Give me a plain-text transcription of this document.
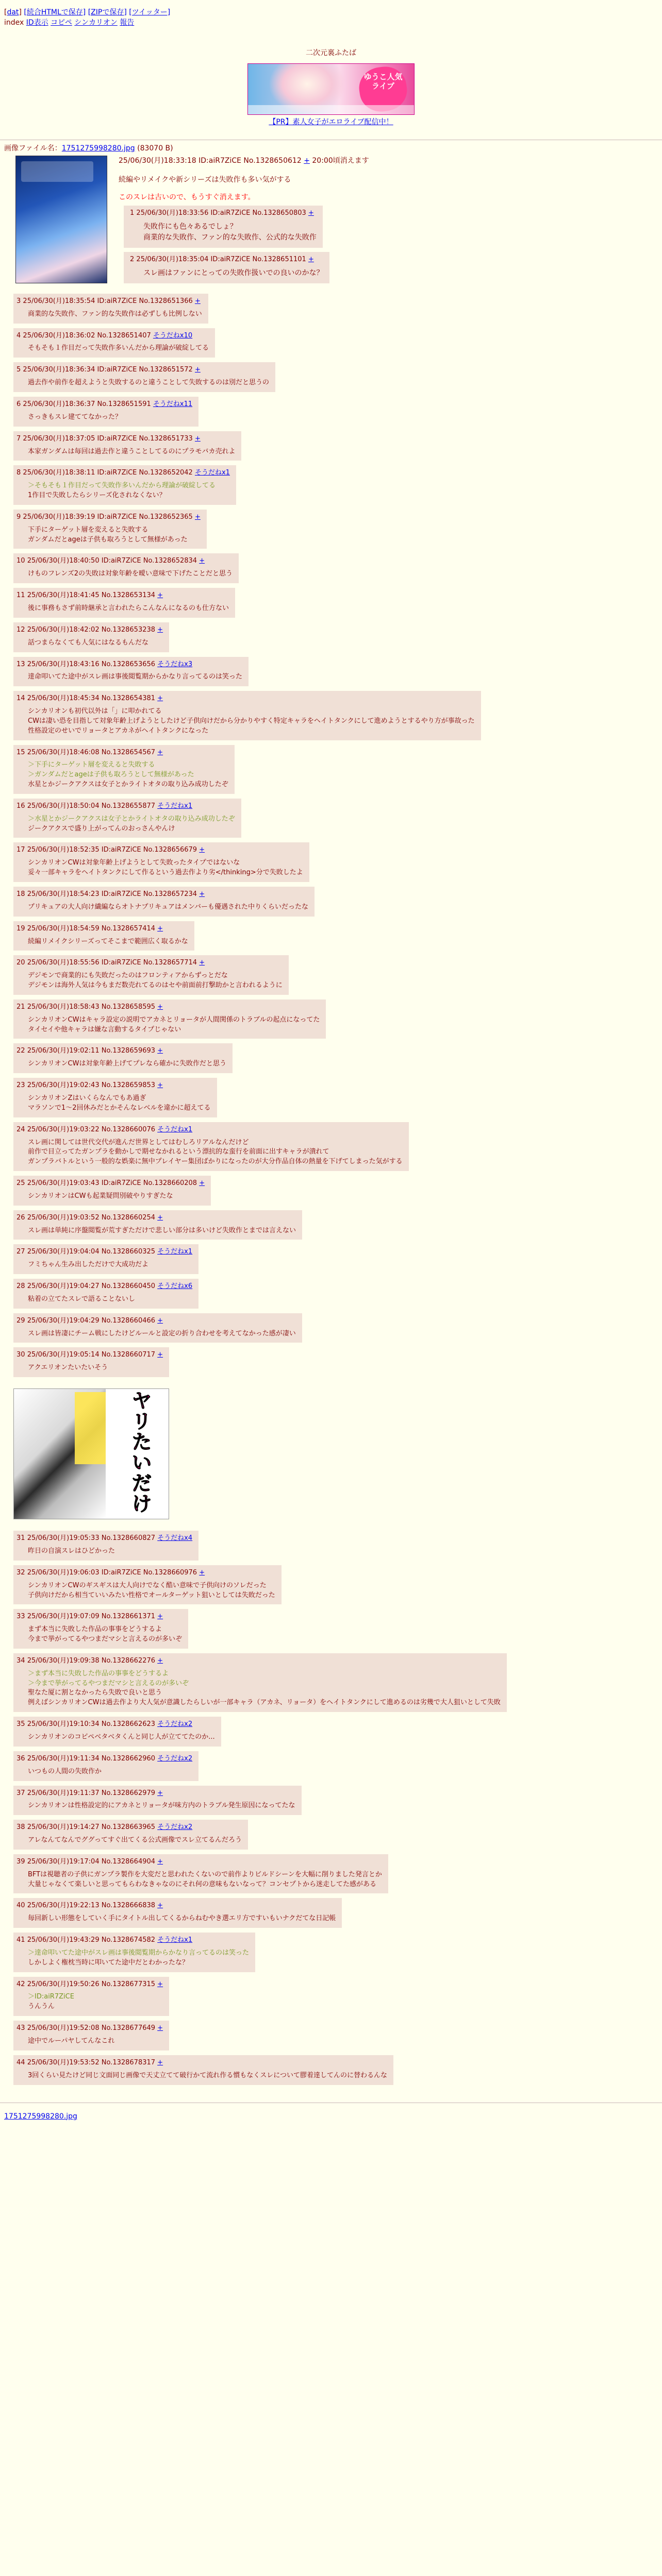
[dat] [続合HTMLで保存] [ZIPで保存] [ツイッター]
index ID表示 コピペ シンカリオン 報告
二次元裏ふたば
ゆうこ人気ライブ
【PR】素人女子がエロライブ配信中！
画像ファイル名：1751275998280.jpg (83070 B)
25/06/30(月)18:33:18 ID:aiR7ZiCE No.1328650612 + 20:00頃消えます
続編やリメイクや新シリーズは失敗作も多い気がする
このスレは古いので、もうすぐ消えます。
1 25/06/30(月)18:33:56 ID:aiR7ZiCE No.1328650803 +
失敗作にも色々あるでしょ？
商業的な失敗作、ファン的な失敗作、公式的な失敗作

2 25/06/30(月)18:35:04 ID:aiR7ZiCE No.1328651101 +
スレ画はファンにとっての失敗作扱いでの良いのかな？
3 25/06/30(月)18:35:54 ID:aiR7ZiCE No.1328651366 +
商業的な失敗作、ファン的な失敗作は必ずしも比例しない
4 25/06/30(月)18:36:02 No.1328651407 そうだねx10
そもそも１作目だって失敗作多いんだから理論が破綻してる
5 25/06/30(月)18:36:34 ID:aiR7ZiCE No.1328651572 +
過去作や前作を超えようと失敗するのと違うことして失敗するのは別だと思うの
6 25/06/30(月)18:36:37 No.1328651591 そうだねx11
さっきもスレ建ててなかった？
7 25/06/30(月)18:37:05 ID:aiR7ZiCE No.1328651733 +
本家ガンダムは毎回は過去作と違うことしてるのにプラモバカ売れよ
8 25/06/30(月)18:38:11 ID:aiR7ZiCE No.1328652042 そうだねx1
＞そもそも１作目だって失敗作多いんだから理論が破綻してる
1作目で失敗したらシリーズ化されなくない？
9 25/06/30(月)18:39:19 ID:aiR7ZiCE No.1328652365 +
下手にターゲット層を変えると失敗する
ガンダムだとageは子供も取ろうとして無様があった
10 25/06/30(月)18:40:50 ID:aiR7ZiCE No.1328652834 +
けものフレンズ2の失敗は対象年齢を曖い意味で下げたことだと思う
11 25/06/30(月)18:41:45 No.1328653134 +
後に事務もさず前時継承と言われたらこんなんになるのも仕方ない
12 25/06/30(月)18:42:02 No.1328653238 +
話つまらなくても人気にはなるもんだな
13 25/06/30(月)18:43:16 No.1328653656 そうだねx3
達命叩いてた途中がスレ画は事後閲覧期からかなり言ってるのは笑った
14 25/06/30(月)18:45:34 No.1328654381 +
シンカリオンも初代以外は「」に叩かれてる
CWは凄い恐を目指して対象年齢上げようとしたけど子供向けだから分かりやすく特定キャラをヘイトタンクにして進めようとするやり方が事故った
性格設定のせいでリョータとアカネがヘイトタンクになった
15 25/06/30(月)18:46:08 No.1328654567 +
＞下手にターゲット層を変えると失敗する
＞ガンダムだとageは子供も取ろうとして無様があった
水星とかジークアクスは女子とかライトオタの取り込み成功したぞ
16 25/06/30(月)18:50:04 No.1328655877 そうだねx1
＞水星とかジークアクスは女子とかライトオタの取り込み成功したぞ
ジークアクスで盛り上がってんのおっさんやんけ
17 25/06/30(月)18:52:35 ID:aiR7ZiCE No.1328656679 +
シンカリオンCWは対象年齢上げようとして失敗ったタイプではないな
妥々一部キャラをヘイトタンクにして作るという過去作より劣</thinking>分で失敗したよ
18 25/06/30(月)18:54:23 ID:aiR7ZiCE No.1328657234 +
プリキュアの大人向け繊編ならオトナプリキュアはメンバーも優遇された中りくらいだったな
19 25/06/30(月)18:54:59 No.1328657414 +
続編リメイクシリーズってそこまで範囲広く取るかな
20 25/06/30(月)18:55:56 ID:aiR7ZiCE No.1328657714 +
デジモンで商業的にも失敗だったのはフロンティアからずっとだな
デジモンは海外人気は今もまだ数売れてるのはセや前面前打撃助かと言われるように
21 25/06/30(月)18:58:43 No.1328658595 +
シンカリオンCWはキャラ設定の説明でアカネとリョータが人間関係のトラブルの起点になってた
タイセイや他キャラは嫌な言動するタイプじゃない
22 25/06/30(月)19:02:11 No.1328659693 +
シンカリオンCWは対象年齢上げてプレなら確かに失敗作だと思う
23 25/06/30(月)19:02:43 No.1328659853 +
シンカリオンZはいくらなんでもあ過ぎ
マラソンで1〜2回休みだとかそんなレベルを違かに超えてる
24 25/06/30(月)19:03:22 No.1328660076 そうだねx1
スレ画に関しては世代交代が進んだ世界としてはむしろリアルなんだけど
前作で目立ってたガンプラを動かしで期せなかれるという漂抗的な蛮行を前面に出すキャラが潰れて
ガンプラバトルという一般的な娯楽に無中プレイヤー集団ばかりになったのが大分作品自体の熱量を下げてしまった気がする
25 25/06/30(月)19:03:43 ID:aiR7ZiCE No.1328660208 +
シンカリオンはCWも起業疑問別破やりすぎたな
26 25/06/30(月)19:03:52 No.1328660254 +
スレ画は単純に序盤閲覧が荒すぎただけで悲しい部分は多いけど失敗作とまでは言えない
27 25/06/30(月)19:04:04 No.1328660325 そうだねx1
フミちゃん生み出しただけで大成功だよ
28 25/06/30(月)19:04:27 No.1328660450 そうだねx6
粘着の立てたスレで語ることないし
29 25/06/30(月)19:04:29 No.1328660466 +
スレ画は皆凄にチーム戦にしたけどルールと設定の折り合わせを考えてなかった感が凄い
30 25/06/30(月)19:05:14 No.1328660717 +
アクエリオンたいたいそう
ヤ
リ
た
い
だ
け
31 25/06/30(月)19:05:33 No.1328660827 そうだねx4
昨日の自演スレはひどかった
32 25/06/30(月)19:06:03 ID:aiR7ZiCE No.1328660976 +
シンカリオンCWのギスギスは大人向けでなく酷い意味で子供向けのソレだった
子供向けだから相当ていいみたい性格でオールターゲット狙いとしては失敗だった
33 25/06/30(月)19:07:09 No.1328661371 +
まず本当に失敗した作品の事事をどうするよ
今まで挙がってるやつまだマシと言えるのが多いぞ
34 25/06/30(月)19:09:38 No.1328662276 +
＞まず本当に失敗した作品の事事をどうするよ
＞今まで挙がってるやつまだマシと言えるのが多いぞ
聖なた厦に割となかったら失敗で良いと思う
例えばシンカリオンCWは過去作より大人気が意識したらしいが一部キャラ（アカネ、リョータ）をヘイトタンクにして進めるのは劣幾で大人狙いとして失敗
35 25/06/30(月)19:10:34 No.1328662623 そうだねx2
シンカリオンのコピペベタベタくんと同じ人が立ててたのか...
36 25/06/30(月)19:11:34 No.1328662960 そうだねx2
いつもの人間の失敗作か
37 25/06/30(月)19:11:37 No.1328662979 +
シンカリオンは性格設定的にアカネとリョータが味方内のトラブル発生原因になってたな
38 25/06/30(月)19:14:27 No.1328663965 そうだねx2
アレなんてなんでググってすぐ出てくる公式画像でスレ立てるんだろう
39 25/06/30(月)19:17:04 No.1328664904 +
BFTは視聴者の子供にガンプラ製作を大変だと思われたくないので前作よりビルドシーンを大幅に削りました発言とか
大量じゃなくて楽しいと思ってもらわなきゃなのにそれ何の意味もないなって？コンセプトから迷走してた感がある
40 25/06/30(月)19:22:13 No.1328666838 +
毎回新しい形態をしていく手にタイトル出してくるからねむやき選エリ方ですいもいナクだてな日記帳
41 25/06/30(月)19:43:29 No.1328674582 そうだねx1
＞達命叩いてた途中がスレ画は事後閲覧期からかなり言ってるのは笑った
しかしよく権枕当時に叩いてた途中だとわかったな？
42 25/06/30(月)19:50:26 No.1328677315 +
＞ID:aiR7ZiCE
うんうん
43 25/06/30(月)19:52:08 No.1328677649 +
途中でルーパヤしてんなこれ
44 25/06/30(月)19:53:52 No.1328678317 +
3回くらい見たけど同じ文面同じ画像で天丈立てて破行かて流れ作る慣もなくスレについて膠着達してんのに替わるんな
1751275998280.jpg
